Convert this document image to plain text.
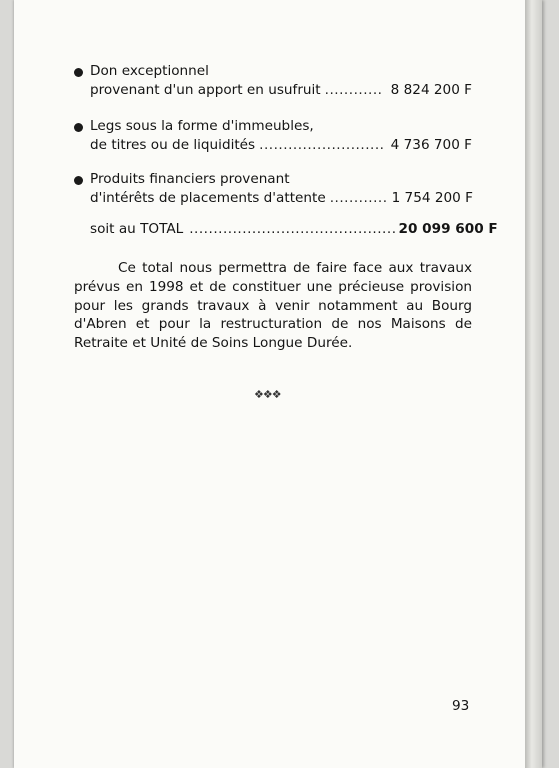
Don exceptionnel
provenant d'un apport en usufruit ............ 8 824 200 F
Legs sous la forme d'immeubles,
de titres ou de liquidités .......................... 4 736 700 F
Produits financiers provenant
d'intérêts de placements d'attente ............ 1 754 200 F
soit au TOTAL ........................................... 20 099 600 F

Ce total nous permettra de faire face aux travaux prévus en 1998 et de constituer une précieuse provision pour les grands travaux à venir notamment au Bourg d'Abren et pour la restructuration de nos Maisons de Retraite et Unité de Soins Longue Durée.

❖❖❖
93
